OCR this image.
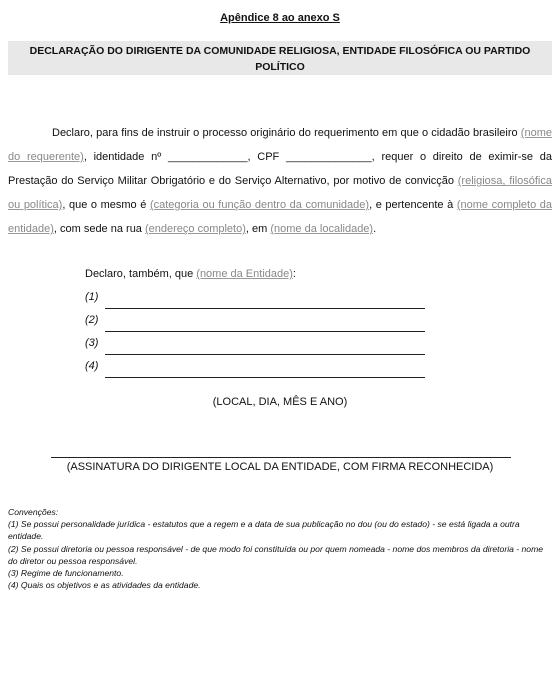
Apêndice 8 ao anexo S

DECLARAÇÃO DO DIRIGENTE DA COMUNIDADE RELIGIOSA, ENTIDADE FILOSÓFICA OU PARTIDO POLÍTICO

Declaro, para fins de instruir o processo originário do requerimento em que o cidadão brasileiro (nome do requerente), identidade nº _____________, CPF ______________, requer o direito de eximir-se da Prestação do Serviço Militar Obrigatório e do Serviço Alternativo, por motivo de convicção (religiosa, filosófica ou política), que o mesmo é (categoria ou função dentro da comunidade), e pertencente à (nome completo da entidade), com sede na rua (endereço completo), em (nome da localidade).

Declaro, também, que (nome da Entidade):
(1)
(2)
(3)
(4)
(LOCAL, DIA, MÊS E ANO)
(ASSINATURA DO DIRIGENTE LOCAL DA ENTIDADE, COM FIRMA RECONHECIDA)
Convenções:
(1) Se possui personalidade jurídica - estatutos que a regem e a data de sua publicação no dou (ou do estado) - se está ligada a outra entidade.
(2) Se possui diretoria ou pessoa responsável - de que modo foi constituída ou por quem nomeada - nome dos membros da diretoria - nome do diretor ou pessoa responsável.
(3) Regime de funcionamento.
(4) Quais os objetivos e as atividades da entidade.
